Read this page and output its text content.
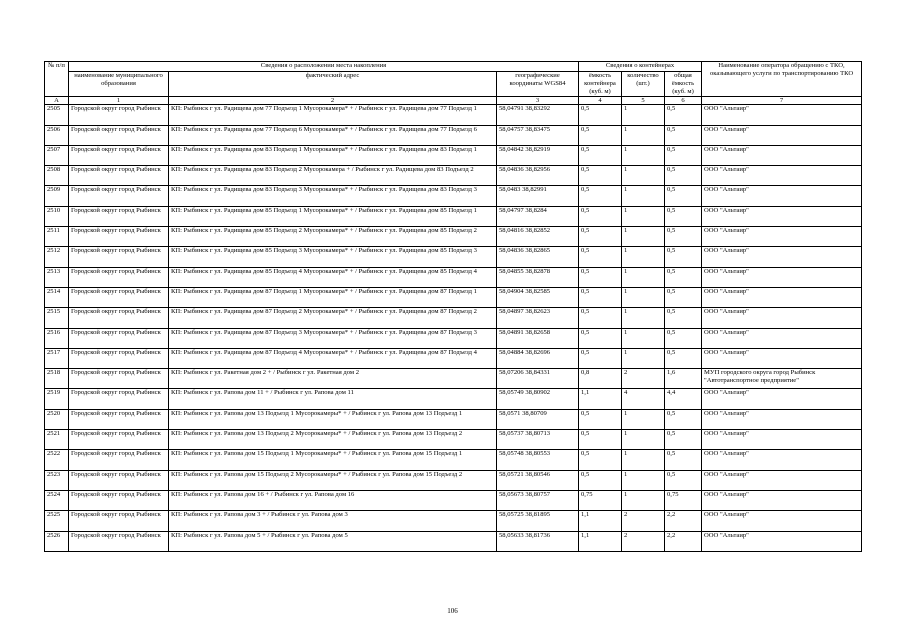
№ п/п	Сведения о расположении места накопления			Сведения о контейнерах			Наименование оператора обращению с ТКО, оказывающего услуги по транспортированию ТКО
	наименование муниципального образования	фактический адрес	географические координаты WGS84	ёмкость контейнера (куб. м)	количество (шт.)	общая ёмкость (куб. м)	
А	1	2	3	4	5	6	7
2505	Городской округ город Рыбинск	КП: Рыбинск г ул. Радищева дом 77 Подъезд 1 Мусорокамера* + / Рыбинск г ул. Радищева дом 77 Подъезд 1	58,04791 38,83292	0,5	1	0,5	ООО "Альтаир"
2506	Городской округ город Рыбинск	КП: Рыбинск г ул. Радищева дом 77 Подъезд 6 Мусорокамера* + / Рыбинск г ул. Радищева дом 77 Подъезд 6	58,04757 38,83475	0,5	1	0,5	ООО "Альтаир"
2507	Городской округ город Рыбинск	КП: Рыбинск г ул. Радищева дом 83 Подъезд 1 Мусорокамера* + / Рыбинск г ул. Радищева дом 83 Подъезд 1	58,04842 38,82919	0,5	1	0,5	ООО "Альтаир"
2508	Городской округ город Рыбинск	КП: Рыбинск г ул. Радищева дом 83 Подъезд 2 Мусорокамера + / Рыбинск г ул. Радищева дом 83 Подъезд 2	58,04836 38,82956	0,5	1	0,5	ООО "Альтаир"
2509	Городской округ город Рыбинск	КП: Рыбинск г ул. Радищева дом 83 Подъезд 3 Мусорокамера* + / Рыбинск г ул. Радищева дом 83 Подъезд 3	58,0483 38,82991	0,5	1	0,5	ООО "Альтаир"
2510	Городской округ город Рыбинск	КП: Рыбинск г ул. Радищева дом 85 Подъезд 1 Мусорокамера* + / Рыбинск г ул. Радищева дом 85 Подъезд 1	58,04797 38,8284	0,5	1	0,5	ООО "Альтаир"
2511	Городской округ город Рыбинск	КП: Рыбинск г ул. Радищева дом 85 Подъезд 2 Мусорокамера* + / Рыбинск г ул. Радищева дом 85 Подъезд 2	58,04816 38,82852	0,5	1	0,5	ООО "Альтаир"
2512	Городской округ город Рыбинск	КП: Рыбинск г ул. Радищева дом 85 Подъезд 3 Мусорокамера* + / Рыбинск г ул. Радищева дом 85 Подъезд 3	58,04836 38,82865	0,5	1	0,5	ООО "Альтаир"
2513	Городской округ город Рыбинск	КП: Рыбинск г ул. Радищева дом 85 Подъезд 4 Мусорокамера* + / Рыбинск г ул. Радищева дом 85 Подъезд 4	58,04855 38,82878	0,5	1	0,5	ООО "Альтаир"
2514	Городской округ город Рыбинск	КП: Рыбинск г ул. Радищева дом 87 Подъезд 1 Мусорокамера* + / Рыбинск г ул. Радищева дом 87 Подъезд 1	58,04904 38,82585	0,5	1	0,5	ООО "Альтаир"
2515	Городской округ город Рыбинск	КП: Рыбинск г ул. Радищева дом 87 Подъезд 2 Мусорокамера* + / Рыбинск г ул. Радищева дом 87 Подъезд 2	58,04897 38,82623	0,5	1	0,5	ООО "Альтаир"
2516	Городской округ город Рыбинск	КП: Рыбинск г ул. Радищева дом 87 Подъезд 3 Мусорокамера* + / Рыбинск г ул. Радищева дом 87 Подъезд 3	58,04891 38,82658	0,5	1	0,5	ООО "Альтаир"
2517	Городской округ город Рыбинск	КП: Рыбинск г ул. Радищева дом 87 Подъезд 4 Мусорокамера* + / Рыбинск г ул. Радищева дом 87 Подъезд 4	58,04884 38,82696	0,5	1	0,5	ООО "Альтаир"
2518	Городской округ город Рыбинск	КП: Рыбинск г ул. Ракетная дом 2 + / Рыбинск г ул. Ракетная дом 2	58,07206 38,84331	0,8	2	1,6	МУП городского округа город Рыбинск "Автотранспортное предприятие"
2519	Городской округ город Рыбинск	КП: Рыбинск г ул. Рапова дом 11 + / Рыбинск г ул. Рапова дом 11	58,05749 38,80902	1,1	4	4,4	ООО "Альтаир"
2520	Городской округ город Рыбинск	КП: Рыбинск г ул. Рапова дом 13 Подъезд 1 Мусорокамеры* + / Рыбинск г ул. Рапова дом 13 Подъезд 1	58,0571 38,80709	0,5	1	0,5	ООО "Альтаир"
2521	Городской округ город Рыбинск	КП: Рыбинск г ул. Рапова дом 13 Подъезд 2 Мусорокамеры* + / Рыбинск г ул. Рапова дом 13 Подъезд 2	58,05737 38,80713	0,5	1	0,5	ООО "Альтаир"
2522	Городской округ город Рыбинск	КП: Рыбинск г ул. Рапова дом 15 Подъезд 1 Мусорокамеры* + / Рыбинск г ул. Рапова дом 15 Подъезд 1	58,05748 38,80553	0,5	1	0,5	ООО "Альтаир"
2523	Городской округ город Рыбинск	КП: Рыбинск г ул. Рапова дом 15 Подъезд 2 Мусорокамеры* + / Рыбинск г ул. Рапова дом 15 Подъезд 2	58,05721 38,80546	0,5	1	0,5	ООО "Альтаир"
2524	Городской округ город Рыбинск	КП: Рыбинск г ул. Рапова дом 16 + / Рыбинск г ул. Рапова дом 16	58,05673 38,80757	0,75	1	0,75	ООО "Альтаир"
2525	Городской округ город Рыбинск	КП: Рыбинск г ул. Рапова дом 3 + / Рыбинск г ул. Рапова дом 3	58,05725 38,81895	1,1	2	2,2	ООО "Альтаир"
2526	Городской округ город Рыбинск	КП: Рыбинск г ул. Рапова дом 5 + / Рыбинск г ул. Рапова дом 5	58,05633 38,81736	1,1	2	2,2	ООО "Альтаир"
106
